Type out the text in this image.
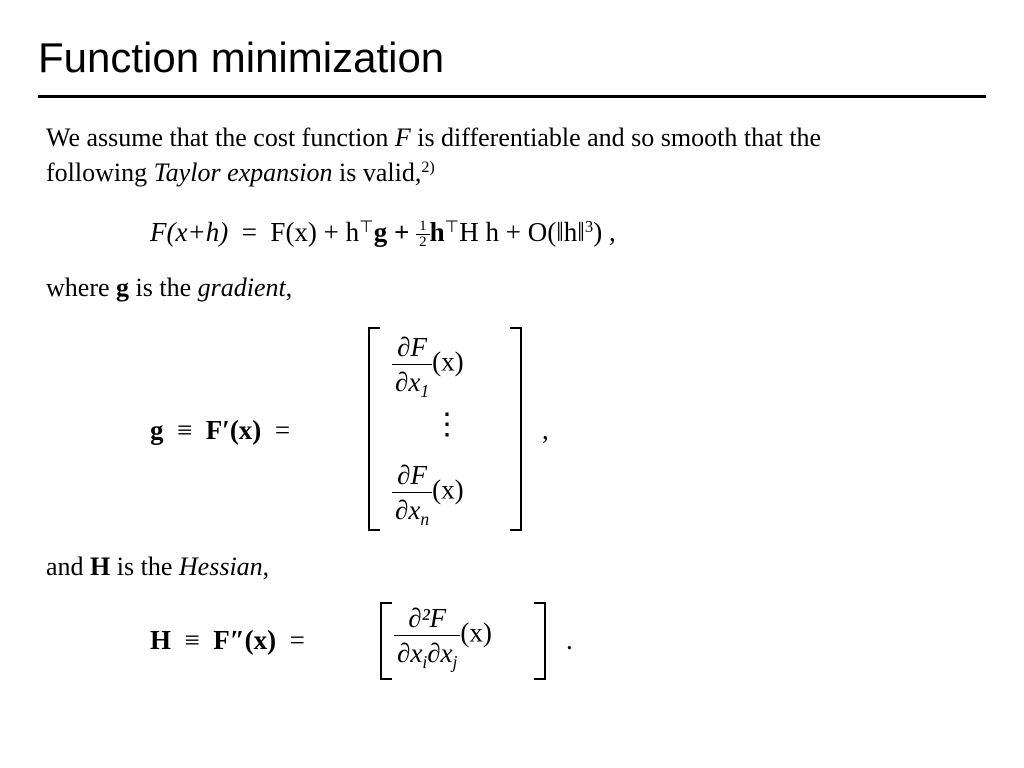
Function minimization
We assume that the cost function F is differentiable and so smooth that the
following Taylor expansion is valid,$^{2)}$
$F(x+h) = F(x) + h^⊤g + \frac{1}{2} h^⊤H$ h + O(‖h‖$^3$) ,
where g is the gradient,
g ≡ F′(x) =
$\frac{\partial F}{\partial x_1} (x)$
⋮
$\frac{\partial F}{\partial x_n} (x)$
,
and H is the Hessian,
H ≡ F″(x) =	$\frac{\text{∂²F}}{\partial x_i\partial x_j} (x)$	.
